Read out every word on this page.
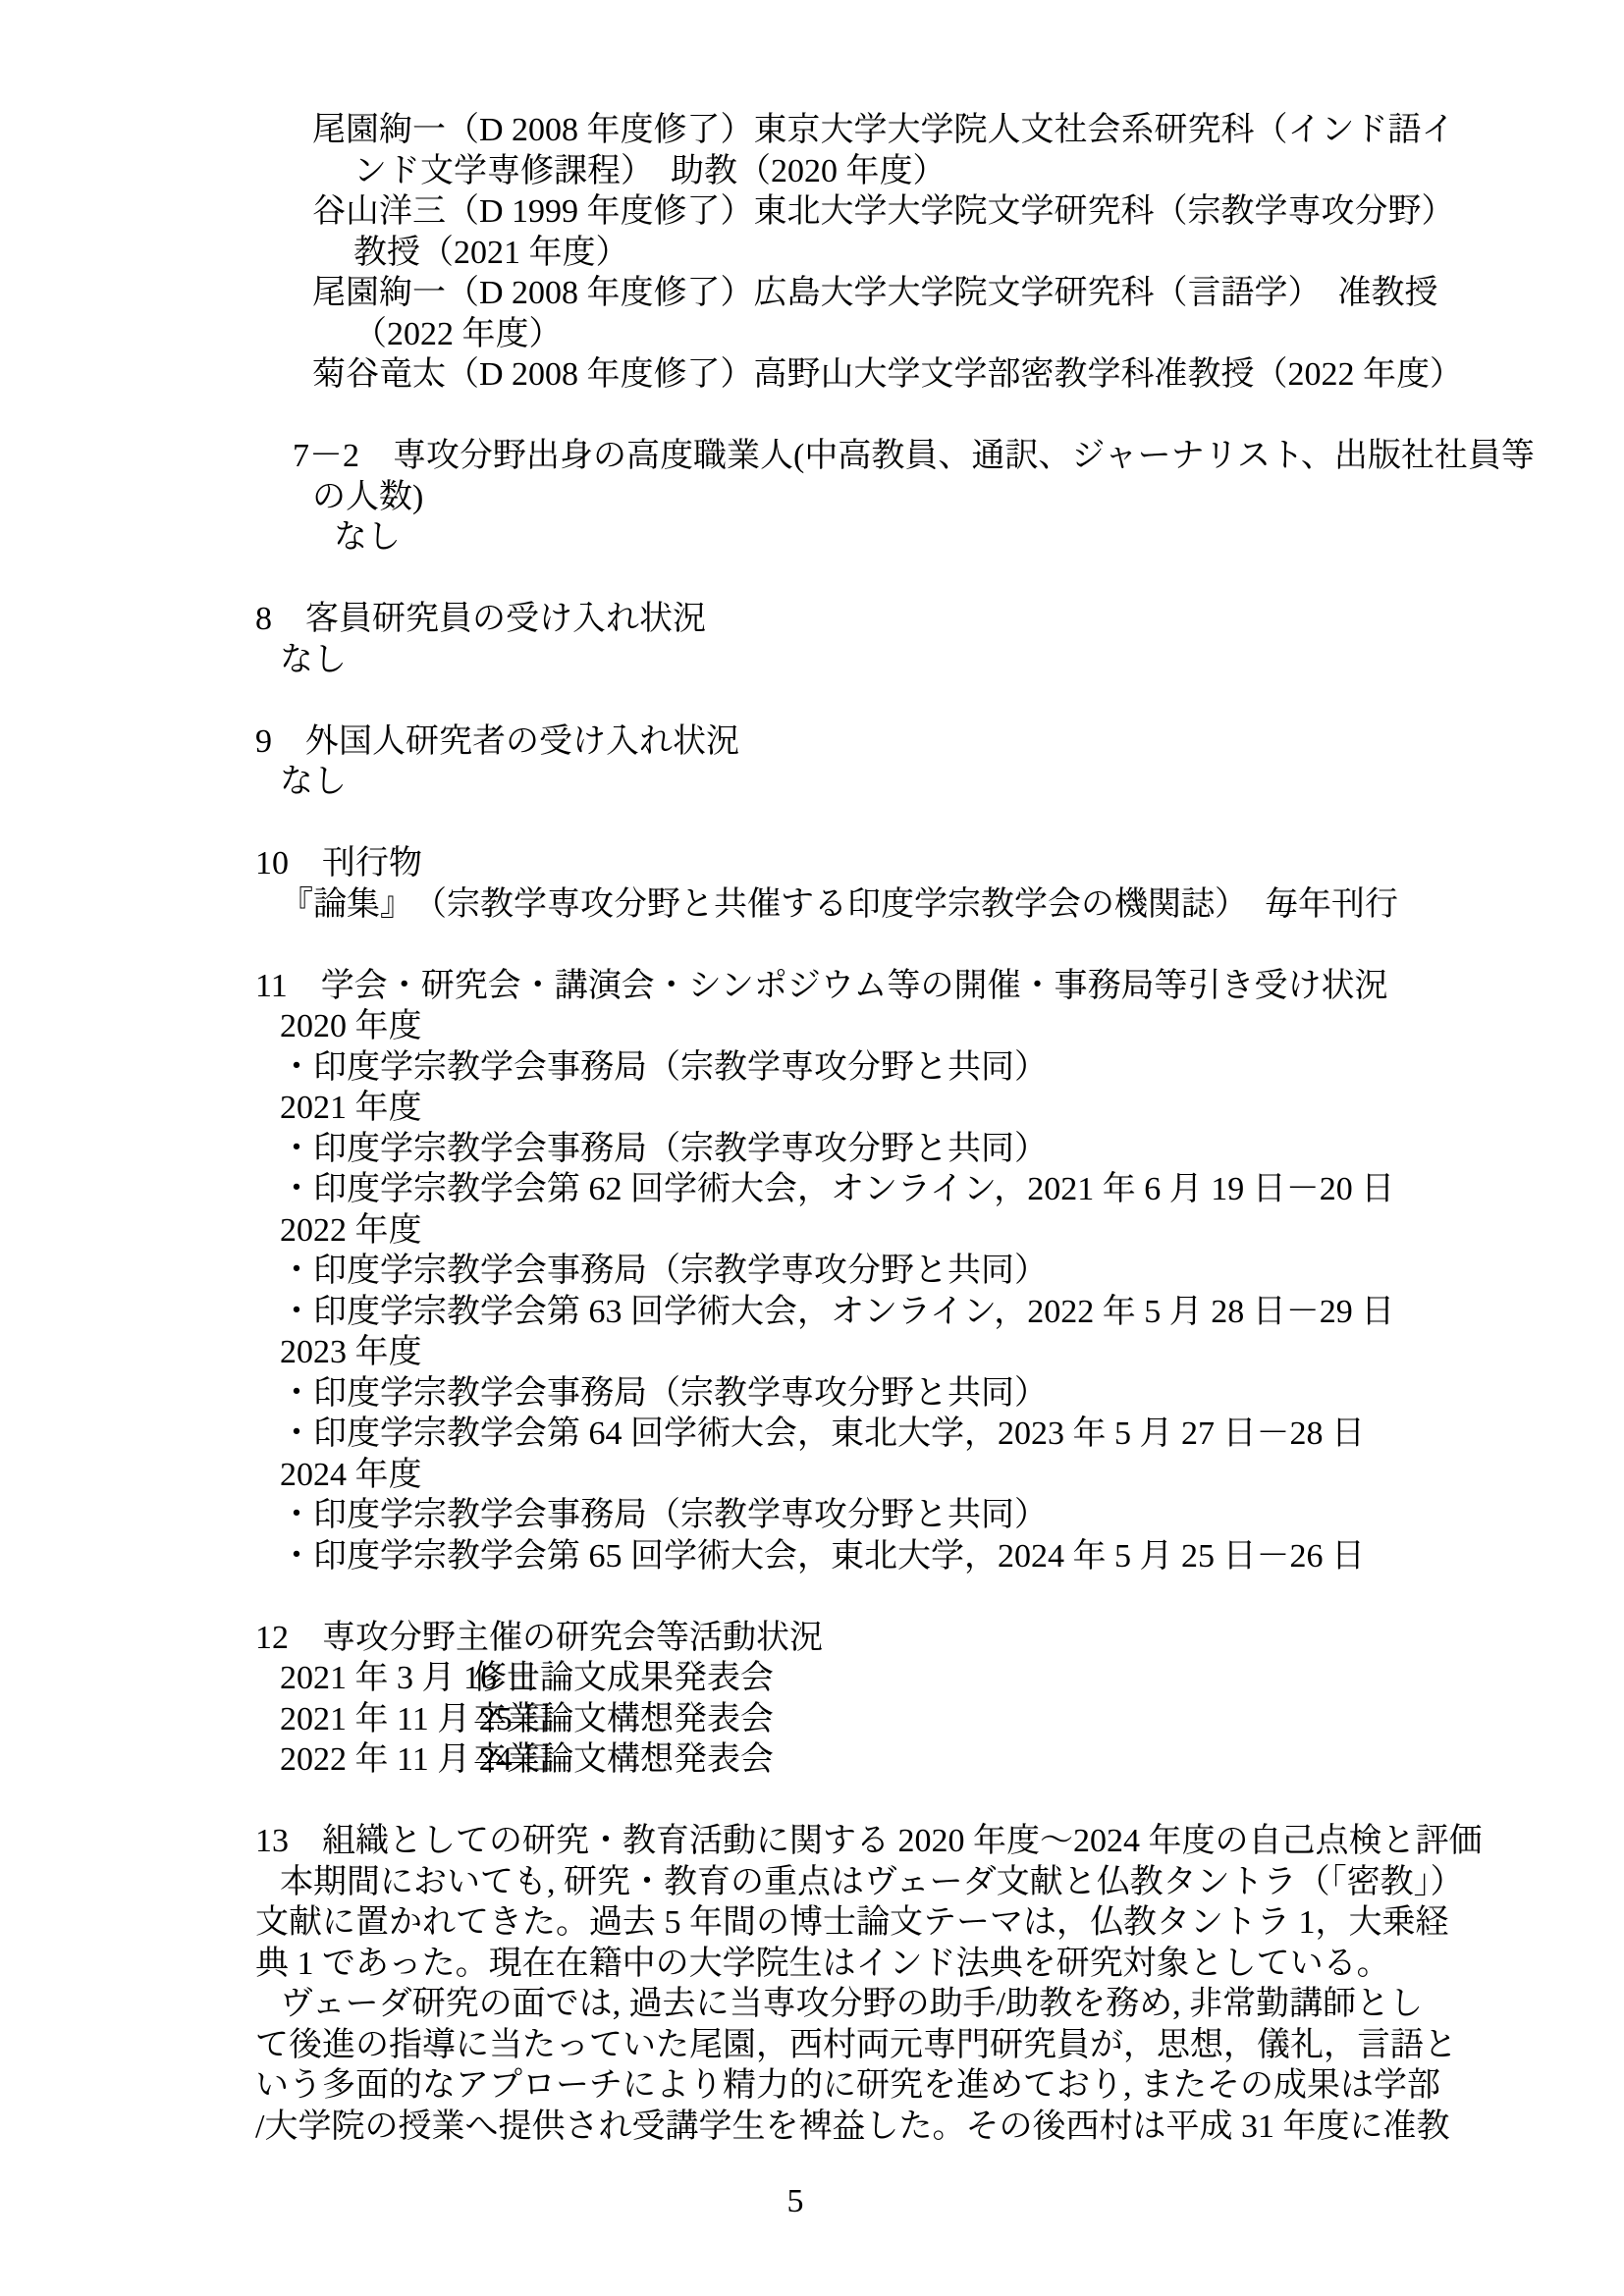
尾園絢一（D 2008 年度修了）東京大学大学院人文社会系研究科（インド語イ
ンド文学専修課程）　助教（2020 年度）
谷山洋三（D 1999 年度修了）東北大学大学院文学研究科（宗教学専攻分野）
教授（2021 年度）
尾園絢一（D 2008 年度修了）広島大学大学院文学研究科（言語学）　准教授
（2022 年度）
菊谷竜太（D 2008 年度修了）高野山大学文学部密教学科准教授（2022 年度）
7－2　専攻分野出身の高度職業人(中高教員、通訳、ジャーナリスト、出版社社員等
の人数)
なし
8　客員研究員の受け入れ状況
なし
9　外国人研究者の受け入れ状況
なし
10　刊行物
『論集』　（宗教学専攻分野と共催する印度学宗教学会の機関誌）　毎年刊行
11　学会・研究会・講演会・シンポジウム等の開催・事務局等引き受け状況
2020 年度
・印度学宗教学会事務局（宗教学専攻分野と共同）
2021 年度
・印度学宗教学会事務局（宗教学専攻分野と共同）
・印度学宗教学会第 62 回学術大会，オンライン，2021 年 6 月 19 日－20 日
2022 年度
・印度学宗教学会事務局（宗教学専攻分野と共同）
・印度学宗教学会第 63 回学術大会，オンライン，2022 年 5 月 28 日－29 日
2023 年度
・印度学宗教学会事務局（宗教学専攻分野と共同）
・印度学宗教学会第 64 回学術大会，東北大学，2023 年 5 月 27 日－28 日
2024 年度
・印度学宗教学会事務局（宗教学専攻分野と共同）
・印度学宗教学会第 65 回学術大会，東北大学，2024 年 5 月 25 日－26 日
12　専攻分野主催の研究会等活動状況
2021 年 3 月 16 日
修士論文成果発表会
2021 年 11 月 25 日
卒業論文構想発表会
2022 年 11 月 24 日
卒業論文構想発表会
13　組織としての研究・教育活動に関する 2020 年度～2024 年度の自己点検と評価
本期間においても, 研究・教育の重点はヴェーダ文献と仏教タントラ（「密教」）
文献に置かれてきた。過去 5 年間の博士論文テーマは，仏教タントラ 1，大乗経
典 1 であった。現在在籍中の大学院生はインド法典を研究対象としている。
ヴェーダ研究の面では, 過去に当専攻分野の助手/助教を務め, 非常勤講師とし
て後進の指導に当たっていた尾園，西村両元専門研究員が，思想，儀礼，言語と
いう多面的なアプローチにより精力的に研究を進めており, またその成果は学部
/大学院の授業へ提供され受講学生を裨益した。その後西村は平成 31 年度に准教
5
